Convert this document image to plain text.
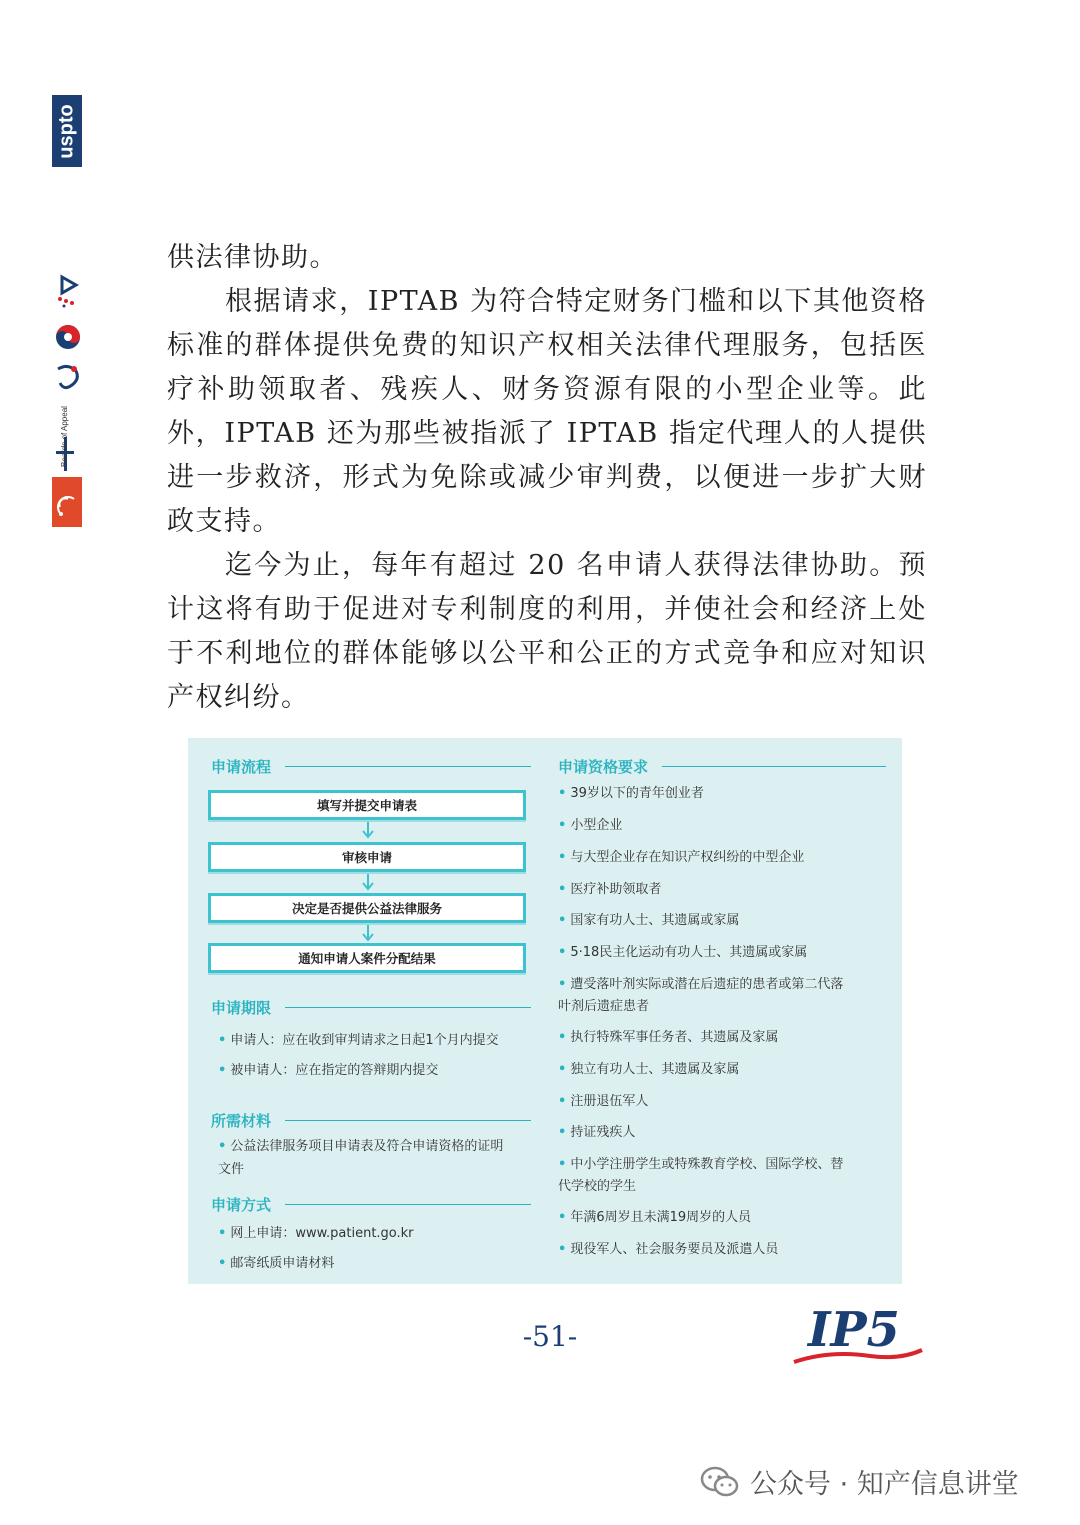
uspto
Boards of Appeal

供法律协助。

根据请求，IPTAB 为符合特定财务门槛和以下其他资格标准的群体提供免费的知识产权相关法律代理服务，包括医疗补助领取者、残疾人、财务资源有限的小型企业等。此外，IPTAB 还为那些被指派了 IPTAB 指定代理人的人提供进一步救济，形式为免除或减少审判费，以便进一步扩大财政支持。

迄今为止，每年有超过 20 名申请人获得法律协助。预计这将有助于促进对专利制度的利用，并使社会和经济上处于不利地位的群体能够以公平和公正的方式竞争和应对知识产权纠纷。

申请流程
填写并提交申请表
审核申请
决定是否提供公益法律服务
通知申请人案件分配结果
申请期限
• 申请人：应在收到审判请求之日起1个月内提交
• 被申请人：应在指定的答辩期内提交
所需材料
• 公益法律服务项目申请表及符合申请资格的证明
文件
申请方式
• 网上申请：www.patient.go.kr
• 邮寄纸质申请材料
申请资格要求
• 39岁以下的青年创业者
• 小型企业
• 与大型企业存在知识产权纠纷的中型企业
• 医疗补助领取者
• 国家有功人士、其遗属或家属
• 5·18民主化运动有功人士、其遗属或家属
• 遭受落叶剂实际或潜在后遗症的患者或第二代落
叶剂后遗症患者
• 执行特殊军事任务者、其遗属及家属
• 独立有功人士、其遗属及家属
• 注册退伍军人
• 持证残疾人
• 中小学注册学生或特殊教育学校、国际学校、替
代学校的学生
• 年满6周岁且未满19周岁的人员
• 现役军人、社会服务要员及派遣人员
-51-	IP5
公众号 · 知产信息讲堂
